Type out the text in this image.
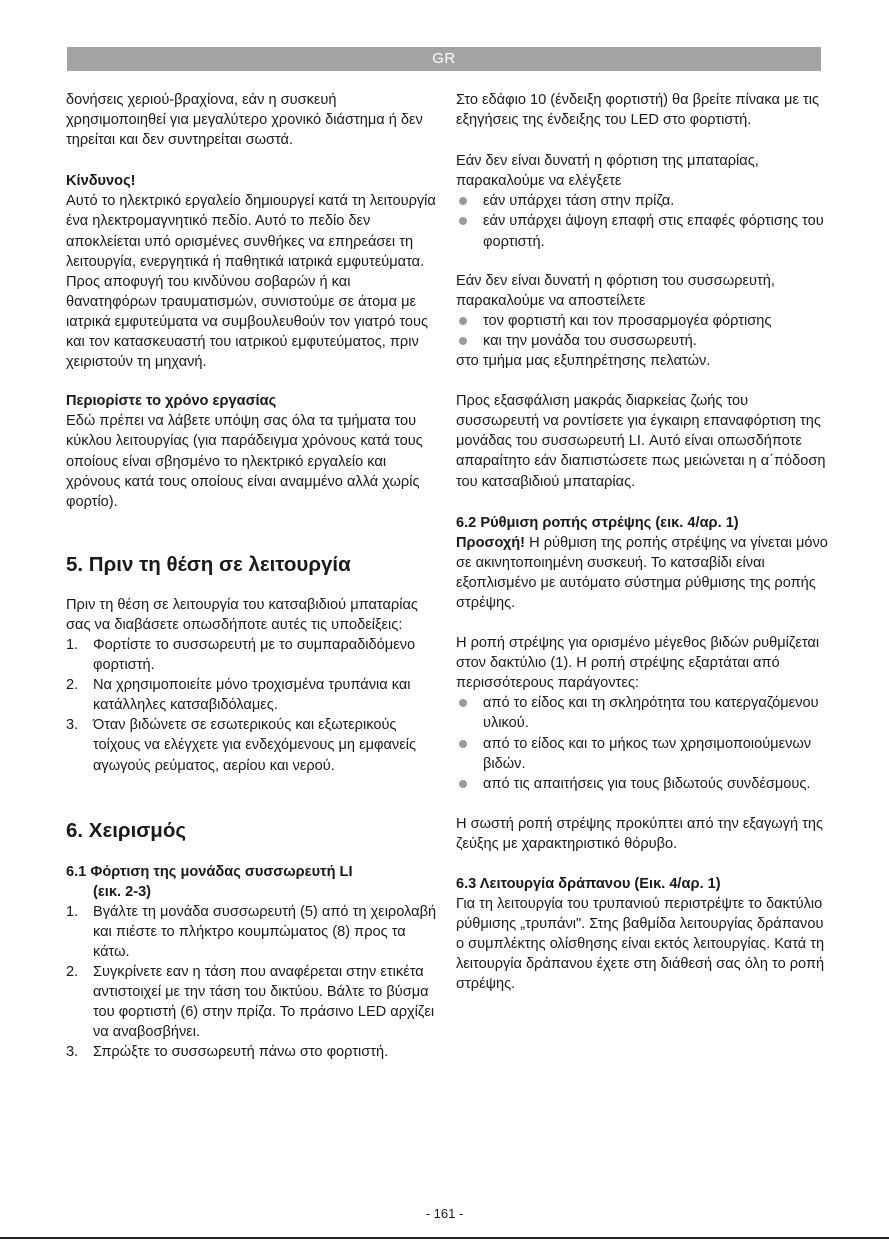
GR

δονήσεις χεριού-βραχίονα, εάν η συσκευή χρησιμοποιηθεί για μεγαλύτερο χρονικό διάστημα ή δεν τηρείται και δεν συντηρείται σωστά.

Κίνδυνος!

Αυτό το ηλεκτρικό εργαλείο δημιουργεί κατά τη λειτουργία ένα ηλεκτρομαγνητικό πεδίο. Αυτό το πεδίο δεν αποκλείεται υπό ορισμένες συνθήκες να επηρεάσει τη λειτουργία, ενεργητικά ή παθητικά ιατρικά εμφυτεύματα. Προς αποφυγή του κινδύνου σοβαρών ή και θανατηφόρων τραυματισμών, συνιστούμε σε άτομα με ιατρικά εμφυτεύματα να συμβουλευθούν τον γιατρό τους και τον κατασκευαστή του ιατρικού εμφυτεύματος, πριν χειριστούν τη μηχανή.

Περιορίστε το χρόνο εργασίας

Εδώ πρέπει να λάβετε υπόψη σας όλα τα τμήματα του κύκλου λειτουργίας (για παράδειγμα χρόνους κατά τους οποίους είναι σβησμένο το ηλεκτρικό εργαλείο και χρόνους κατά τους οποίους είναι αναμμένο αλλά χωρίς φορτίο).

5. Πριν τη θέση σε λειτουργία

Πριν τη θέση σε λειτουργία του κατσαβιδιού μπαταρίας σας να διαβάσετε οπωσδήποτε αυτές τις υποδείξεις:

1. Φορτίστε το συσσωρευτή με το συμπαραδιδόμενο φορτιστή.
2. Να χρησιμοποιείτε μόνο τροχισμένα τρυπάνια και κατάλληλες κατσαβιδόλαμες.
3. Όταν βιδώνετε σε εσωτερικούς και εξωτερικούς τοίχους να ελέγχετε για ενδεχόμενους μη εμφανείς αγωγούς ρεύματος, αερίου και νερού.
6. Χειρισμός

6.1 Φόρτιση της μονάδας συσσωρευτή LI

(εικ. 2-3)

1. Βγάλτε τη μονάδα συσσωρευτή (5) από τη χειρολαβή και πιέστε το πλήκτρο κουμπώματος (8) προς τα κάτω.
2. Συγκρίνετε εαν η τάση που αναφέρεται στην ετικέτα αντιστοιχεί με την τάση του δικτύου. Βάλτε το βύσμα του φορτιστή (6) στην πρίζα. Το πράσινο LED αρχίζει να αναβοσβήνει.
3. Σπρώξτε το συσσωρευτή πάνω στο φορτιστή.

Στο εδάφιο 10 (ένδειξη φορτιστή) θα βρείτε πίνακα με τις εξηγήσεις της ένδειξης του LED στο φορτιστή.

Εάν δεν είναι δυνατή η φόρτιση της μπαταρίας, παρακαλούμε να ελέγξετε

εάν υπάρχει τάση στην πρίζα.
εάν υπάρχει άψογη επαφή στις επαφές φόρτισης του φορτιστή.

Εάν δεν είναι δυνατή η φόρτιση του συσσωρευτή, παρακαλούμε να αποστείλετε

τον φορτιστή και τον προσαρμογέα φόρτισης
και την μονάδα του συσσωρευτή.

στο τμήμα μας εξυπηρέτησης πελατών.

Προς εξασφάλιση μακράς διαρκείας ζωής του συσσωρευτή να ροντίσετε για έγκαιρη επαναφόρτιση της μονάδας του συσσωρευτή LI. Αυτό είναι οπωσδήποτε απαραίτητο εάν διαπιστώσετε πως μειώνεται η α΄πόδοση του κατσαβιδιού μπαταρίας.

6.2 Ρύθμιση ροπής στρέψης (εικ. 4/αρ. 1)

Προσοχή! Η ρύθμιση της ροπής στρέψης να γίνεται μόνο σε ακινητοποιημένη συσκευή. Το κατσαβίδι είναι εξοπλισμένο με αυτόματο σύστημα ρύθμισης της ροπής στρέψης.

Η ροπή στρέψης για ορισμένο μέγεθος βιδών ρυθμίζεται στον δακτύλιο (1). Η ροπή στρέψης εξαρτάται από περισσότερους παράγοντες:

από το είδος και τη σκληρότητα του κατεργαζόμενου υλικού.
από το είδος και το μήκος των χρησιμοποιούμενων βιδών.
από τις απαιτήσεις για τους βιδωτούς συνδέσμους.

Η σωστή ροπή στρέψης προκύπτει από την εξαγωγή της ζεύξης με χαρακτηριστικό θόρυβο.

6.3 Λειτουργία δράπανου (Εικ. 4/αρ. 1)

Για τη λειτουργία του τρυπανιού περιστρέψτε το δακτύλιο ρύθμισης „τρυπάνι". Στης βαθμίδα λειτουργίας δράπανου ο συμπλέκτης ολίσθησης είναι εκτός λειτουργίας. Κατά τη λειτουργία δράπανου έχετε στη διάθεσή σας όλη το ροπή στρέψης.

- 161 -
